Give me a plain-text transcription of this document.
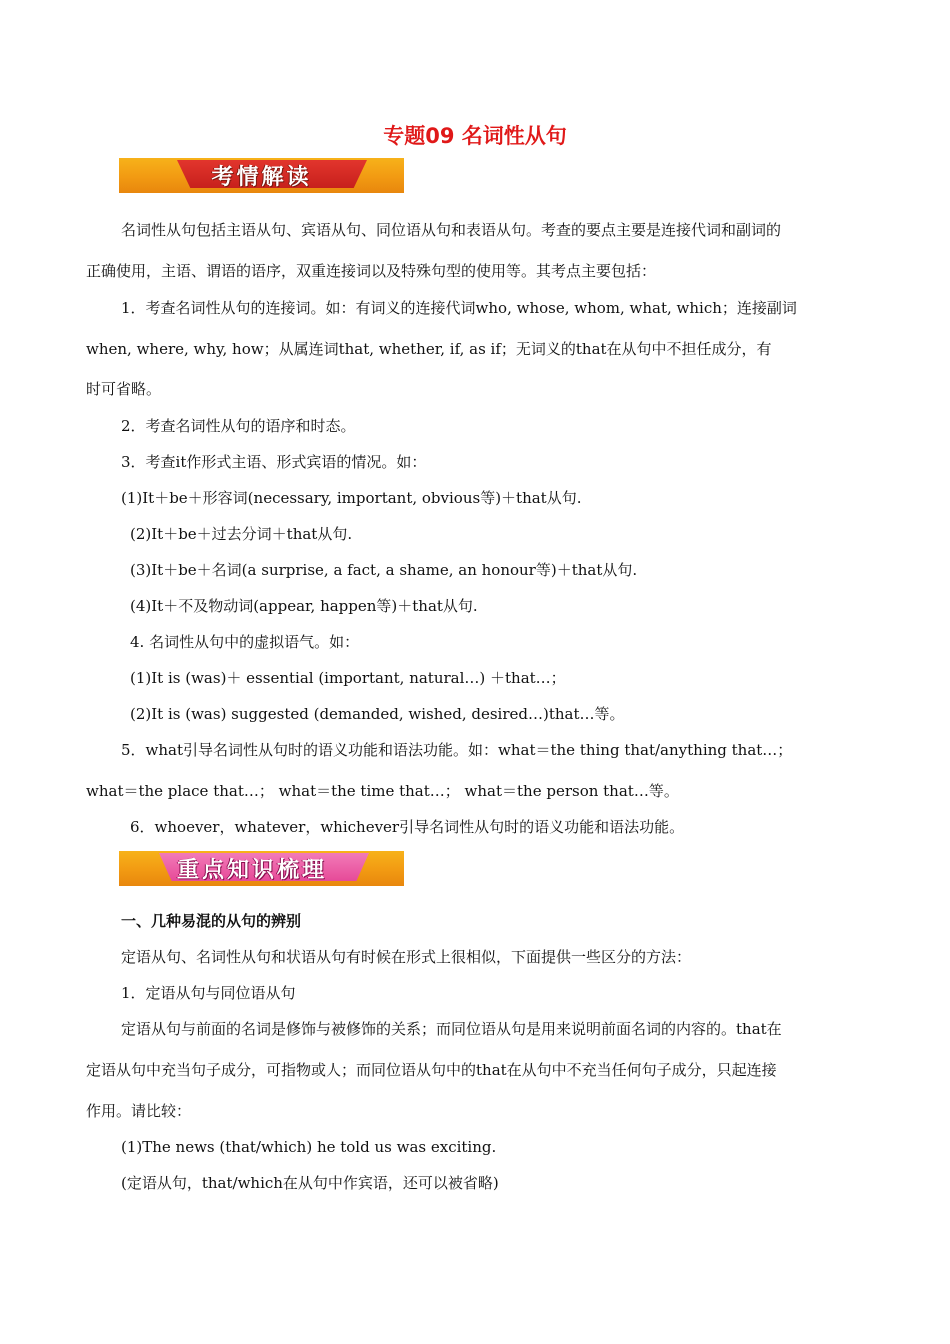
专题09 名词性从句
考情解读
名词性从句包括主语从句、宾语从句、同位语从句和表语从句。考查的要点主要是连接代词和副词的
正确使用，主语、谓语的语序，双重连接词以及特殊句型的使用等。其考点主要包括：
1．考查名词性从句的连接词。如：有词义的连接代词who, whose, whom, what, which；连接副词
when, where, why, how；从属连词that, whether, if, as if；无词义的that在从句中不担任成分，有
时可省略。
2．考查名词性从句的语序和时态。
3．考查it作形式主语、形式宾语的情况。如：
(1)It＋be＋形容词(necessary, important, obvious等)＋that从句.
(2)It＋be＋过去分词＋that从句.
(3)It＋be＋名词(a surprise, a fact, a shame, an honour等)＋that从句.
(4)It＋不及物动词(appear, happen等)＋that从句.
4. 名词性从句中的虚拟语气。如：
(1)It is (was)＋ essential (important, natural…) ＋that…；
(2)It is (was) suggested (demanded, wished, desired…)that…等。
5．what引导名词性从句时的语义功能和语法功能。如：what＝the thing that/anything that…；
what＝the place that…； what＝the time that…； what＝the person that…等。
6．whoever，whatever，whichever引导名词性从句时的语义功能和语法功能。
重点知识梳理
一、几种易混的从句的辨别
定语从句、名词性从句和状语从句有时候在形式上很相似，下面提供一些区分的方法：
1．定语从句与同位语从句
定语从句与前面的名词是修饰与被修饰的关系；而同位语从句是用来说明前面名词的内容的。that在
定语从句中充当句子成分，可指物或人；而同位语从句中的that在从句中不充当任何句子成分，只起连接
作用。请比较：
(1)The news (that/which) he told us was exciting.
(定语从句，that/which在从句中作宾语，还可以被省略)
